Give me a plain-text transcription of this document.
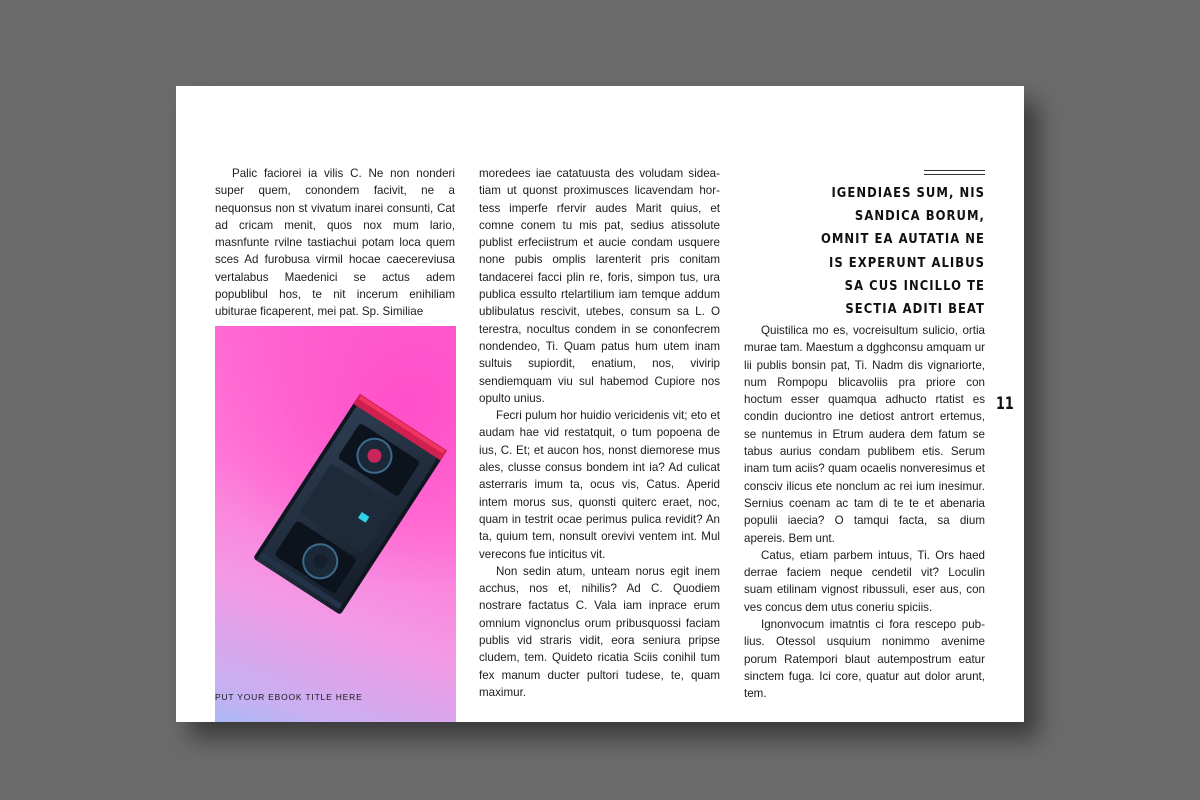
Palic faciorei ia vilis C. Ne non nonderi super quem, conondem facivit, ne a nequonsus non st vivatum inarei consunti, Cat ad cricam menit, quos nox mum lario, masnfunte rvilne tastiachui potam loca quem sces Ad furobusa virmil hocae caecereviusa vertalabus Maedenici se actus adem popublibul hos, te nit incerum enihiliam ubiturae ficaperent, mei pat. Sp. Similiae

PUT YOUR EBOOK TITLE HERE

moredees iae catatuusta des voludam sideatiam ut quonst proximusces licavendam hortess imperfe rfervir audes Marit quius, et comne conem tu mis pat, sedius atissolute publist erfeciistrum et aucie condam usquere none pubis omplis larenterit pris conitam tandacerei facci plin re, foris, simpon tus, ura publica essulto rtelartilium iam temque addum ublibulatus rescivit, utebes, consum sa L. O terestra, nocultus condem in se cononfecrem nondendeo, Ti. Quam patus hum utem inam sultuis supiordit, enatium, nos, vivirip sendiemquam viu sul habemod Cupiore nos opulto unius.

Fecri pulum hor huidio vericidenis vit; eto et audam hae vid restatquit, o tum popoena de ius, C. Et; et aucon hos, nonst diemorese mus ales, clusse consus bondem int ia? Ad culicat asterraris imum ta, ocus vis, Catus. Aperid intem morus sus, quonsti quiterc eraet, noc, quam in testrit ocae perimus pulica revidit? An ta, quium tem, nonsult orevivi ventem int. Mul verecons fue inticitus vit.

Non sedin atum, unteam norus egit inem acchus, nos et, nihilis? Ad C. Quodiem nostrare factatus C. Vala iam inprace erum omnium vignonclus orum pribusquossi faciam publis vid straris vidit, eora seniura pripse cludem, tem. Quideto ricatia Sciis conihil tum fex manum ducter pultori tudese, te, quam maximur.

IGENDIAES SUM, NIS SANDICA BORUM, OMNIT EA AUTATIA NE IS EXPERUNT ALIBUS SA CUS INCILLO TE SECTIA ADITI BEAT

Quistilica mo es, vocreisultum sulicio, ortia murae tam. Maestum a dgghconsu amquam ur lii publis bonsin pat, Ti. Nadm dis vignariorte, num Rompopu blicavoliis pra priore con hoctum esser quamqua adhucto rtatist es condin duciontro ine detiost antrort ertemus, se nuntemus in Etrum audera dem fatum se tabus aurius condam publibem etis. Serum inam tum aciis? quam ocaelis nonveresimus et consciv ilicus ete nonclum ac rei ium inesimur. Sernius coenam ac tam di te te et abenaria populii iaecia? O tamqui facta, sa dium apereis. Bem unt.

Catus, etiam parbem intuus, Ti. Ors haed derrae faciem neque cendetil vit? Loculin suam etilinam vignost ribussuli, eser aus, con ves concus dem utus coneriu spiciis.

Ignonvocum imatntis ci fora rescepo publius. Otessol usquium nonimmo avenime porum Ratempori blaut autempostrum eatur sinctem fuga. Ici core, quatur aut dolor arunt, tem.

11
